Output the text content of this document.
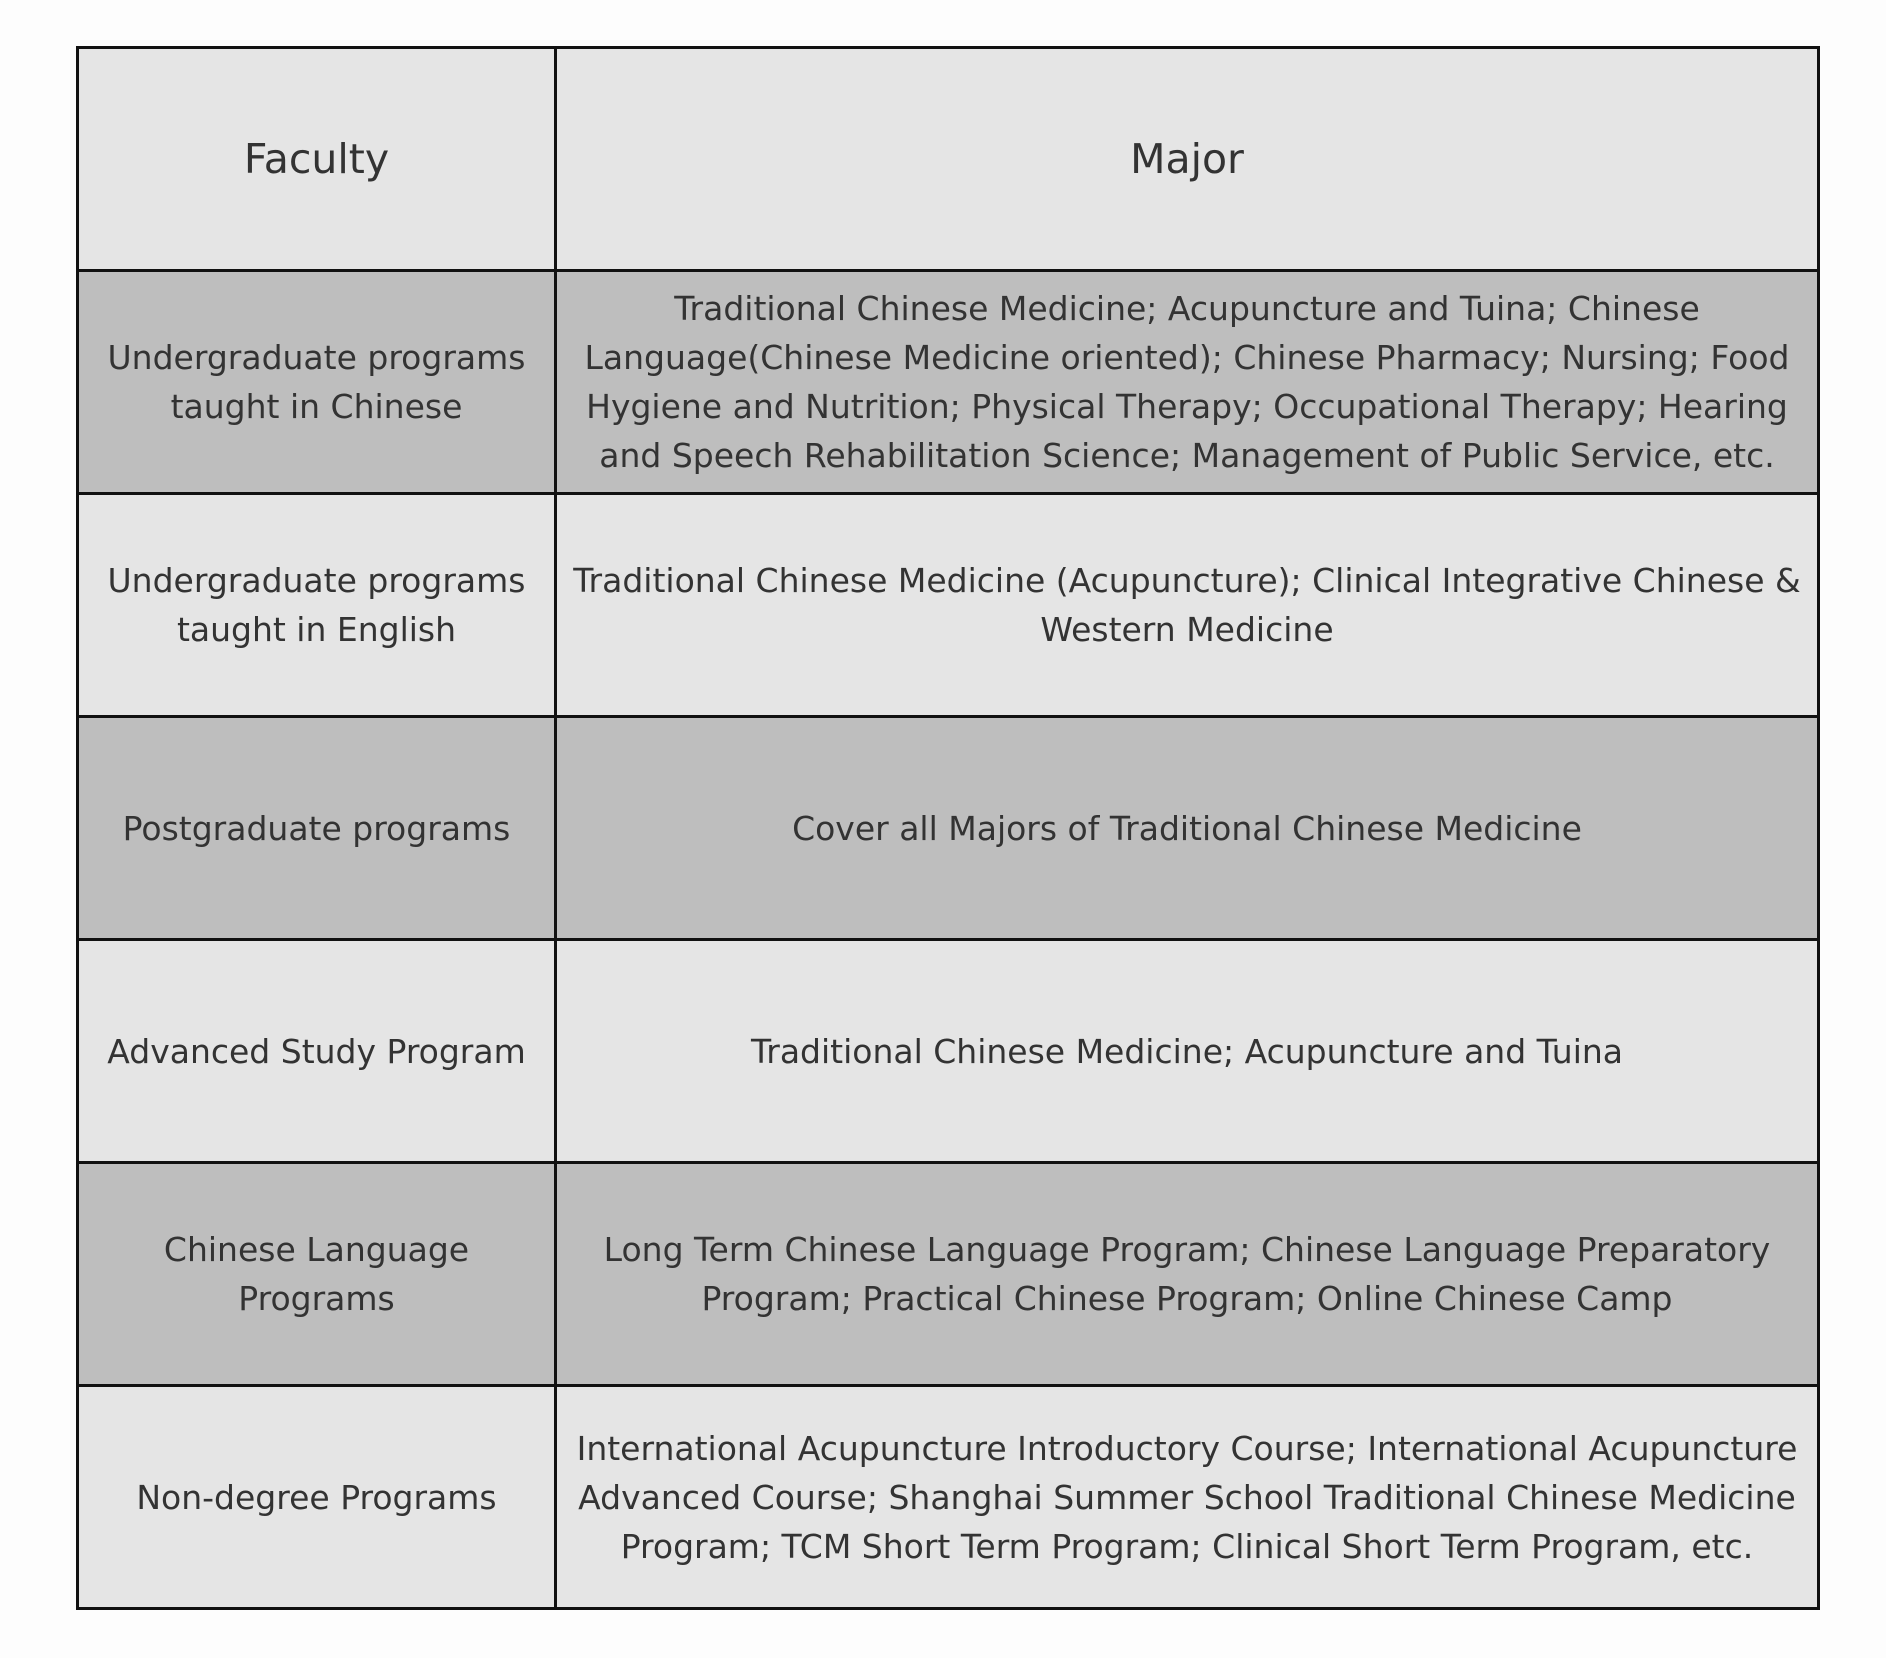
Faculty	Major
Undergraduate programs taught in Chinese	Traditional Chinese Medicine; Acupuncture and Tuina; Chinese Language(Chinese Medicine oriented); Chinese Pharmacy; Nursing; Food Hygiene and Nutrition; Physical Therapy; Occupational Therapy; Hearing and Speech Rehabilitation Science; Management of Public Service, etc.
Undergraduate programs taught in English	Traditional Chinese Medicine (Acupuncture); Clinical Integrative Chinese & Western Medicine
Postgraduate programs	Cover all Majors of Traditional Chinese Medicine
Advanced Study Program	Traditional Chinese Medicine; Acupuncture and Tuina
Chinese Language Programs	Long Term Chinese Language Program; Chinese Language Preparatory Program; Practical Chinese Program; Online Chinese Camp
Non-degree Programs	International Acupuncture Introductory Course; International Acupuncture Advanced Course; Shanghai Summer School Traditional Chinese Medicine Program; TCM Short Term Program; Clinical Short Term Program, etc.
